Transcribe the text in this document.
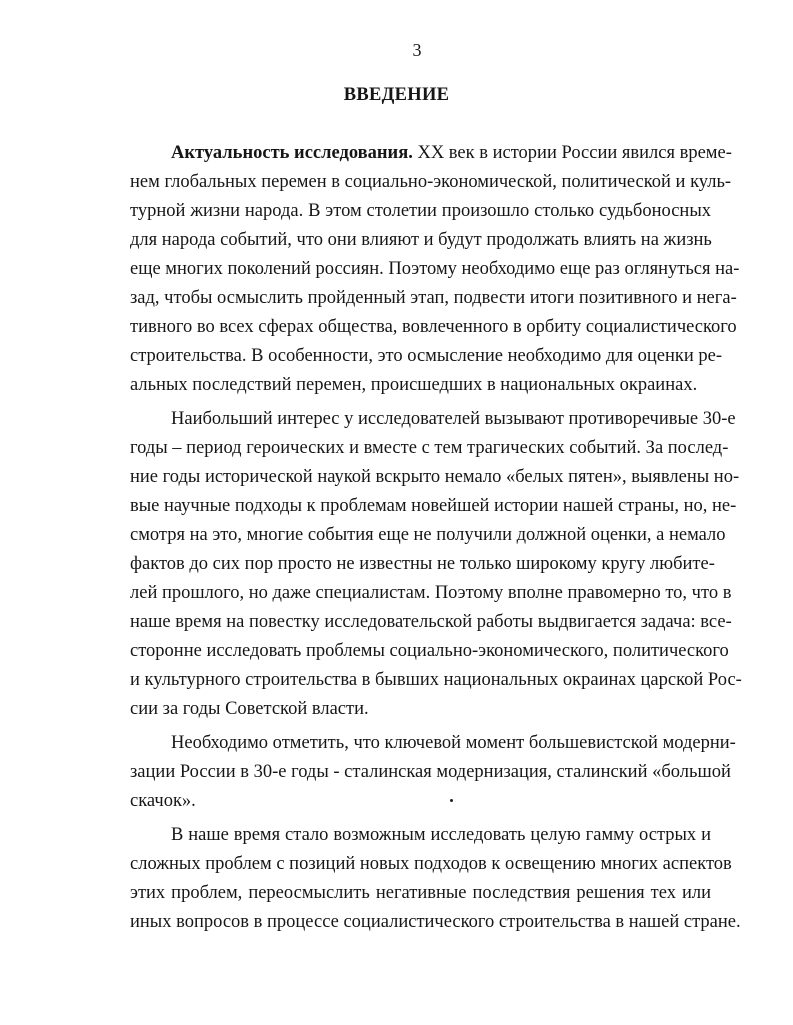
3
ВВЕДЕНИЕ
Актуальность исследования. XX век в истории России явился време-
нем глобальных перемен в социально-экономической, политической и куль-
турной жизни народа. В этом столетии произошло столько судьбоносных
для народа событий, что они влияют и будут продолжать влиять на жизнь
еще многих поколений россиян. Поэтому необходимо еще раз оглянуться на-
зад, чтобы осмыслить пройденный этап, подвести итоги позитивного и нега-
тивного во всех сферах общества, вовлеченного в орбиту социалистического
строительства. В особенности, это осмысление необходимо для оценки ре-
альных последствий перемен, происшедших в национальных окраинах.
Наибольший интерес у исследователей вызывают противоречивые 30-е
годы – период героических и вместе с тем трагических событий. За послед-
ние годы исторической наукой вскрыто немало «белых пятен», выявлены но-
вые научные подходы к проблемам новейшей истории нашей страны, но, не-
смотря на это, многие события еще не получили должной оценки, а немало
фактов до сих пор просто не известны не только широкому кругу любите-
лей прошлого, но даже специалистам. Поэтому вполне правомерно то, что в
наше время на повестку исследовательской работы выдвигается задача: все-
сторонне исследовать проблемы социально-экономического, политического
и культурного строительства в бывших национальных окраинах царской Рос-
сии за годы Советской власти.
Необходимо отметить, что ключевой момент большевистской модерни-
зации России в 30-е годы - сталинская модернизация, сталинский «большой
скачок».
В наше время стало возможным исследовать целую гамму острых и
сложных проблем с позиций новых подходов к освещению многих аспектов
этих проблем, переосмыслить негативные последствия решения тех или
иных вопросов в процессе социалистического строительства в нашей стране.
